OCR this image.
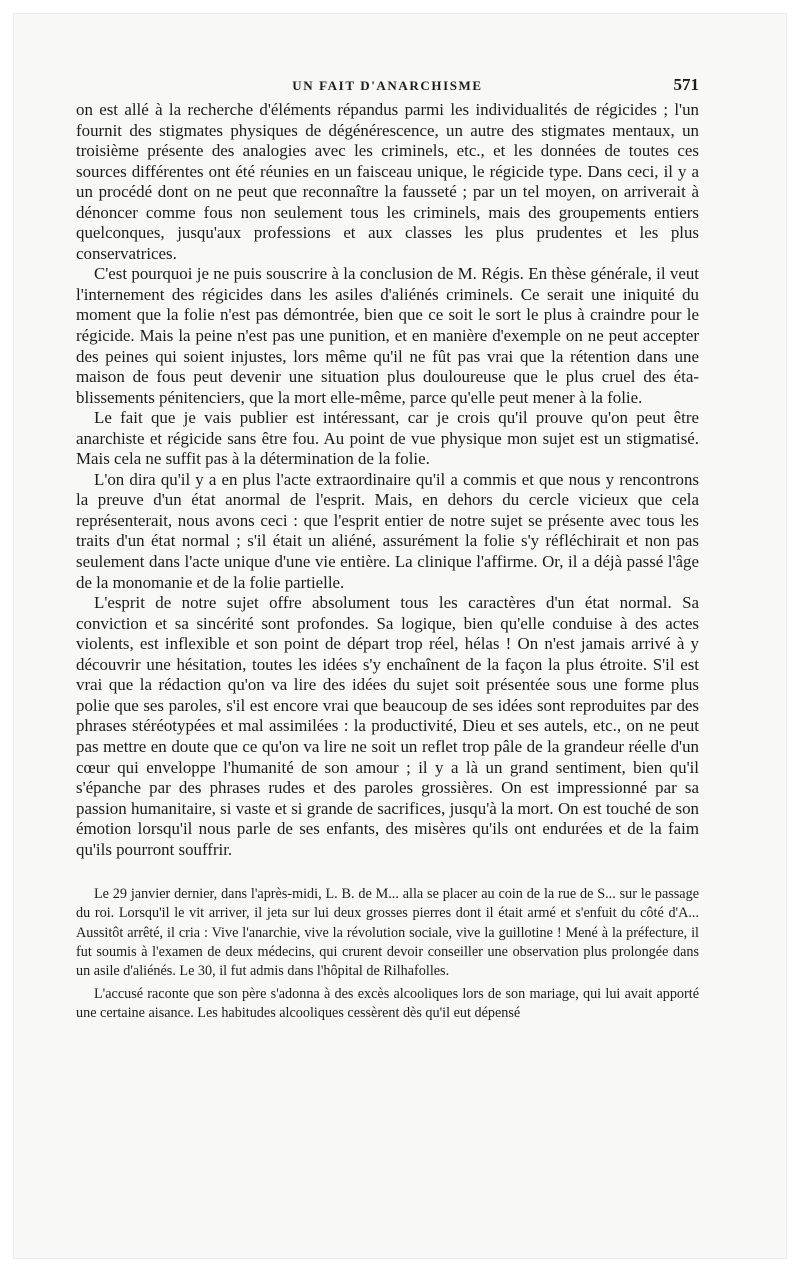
UN FAIT D'ANARCHISME	571

on est allé à la recherche d'éléments répandus parmi les individualités de régicides ; l'un fournit des stigmates physiques de dégénérescence, un autre des stigmates mentaux, un troisième présente des analogies avec les criminels, etc., et les données de toutes ces sources différentes ont été réunies en un faisceau unique, le régicide type. Dans ceci, il y a un procédé dont on ne peut que reconnaître la fausseté ; par un tel moyen, on arriverait à dénoncer comme fous non seulement tous les criminels, mais des groupements entiers quelconques, jusqu'aux professions et aux classes les plus prudentes et les plus conservatrices.

C'est pourquoi je ne puis souscrire à la conclusion de M. Régis. En thèse générale, il veut l'internement des régicides dans les asiles d'aliénés criminels. Ce serait une iniquité du moment que la folie n'est pas démontrée, bien que ce soit le sort le plus à craindre pour le régicide. Mais la peine n'est pas une punition, et en manière d'exemple on ne peut accepter des peines qui soient injustes, lors même qu'il ne fût pas vrai que la rétention dans une maison de fous peut devenir une situation plus douloureuse que le plus cruel des établissements pénitenciers, que la mort elle-même, parce qu'elle peut mener à la folie.

Le fait que je vais publier est intéressant, car je crois qu'il prouve qu'on peut être anarchiste et régicide sans être fou. Au point de vue physique mon sujet est un stigmatisé. Mais cela ne suffit pas à la détermination de la folie.

L'on dira qu'il y a en plus l'acte extraordinaire qu'il a commis et que nous y rencontrons la preuve d'un état anormal de l'esprit. Mais, en dehors du cercle vicieux que cela représenterait, nous avons ceci : que l'esprit entier de notre sujet se présente avec tous les traits d'un état normal ; s'il était un aliéné, assurément la folie s'y réfléchirait et non pas seulement dans l'acte unique d'une vie entière. La clinique l'affirme. Or, il a déjà passé l'âge de la monomanie et de la folie partielle.

L'esprit de notre sujet offre absolument tous les caractères d'un état normal. Sa conviction et sa sincérité sont profondes. Sa logique, bien qu'elle conduise à des actes violents, est inflexible et son point de départ trop réel, hélas ! On n'est jamais arrivé à y découvrir une hésitation, toutes les idées s'y enchaînent de la façon la plus étroite. S'il est vrai que la rédaction qu'on va lire des idées du sujet soit présentée sous une forme plus polie que ses paroles, s'il est encore vrai que beaucoup de ses idées sont reproduites par des phrases stéréotypées et mal assimilées : la productivité, Dieu et ses autels, etc., on ne peut pas mettre en doute que ce qu'on va lire ne soit un reflet trop pâle de la grandeur réelle d'un cœur qui enveloppe l'humanité de son amour ; il y a là un grand sentiment, bien qu'il s'épanche par des phrases rudes et des paroles grossières. On est impressionné par sa passion humanitaire, si vaste et si grande de sacrifices, jusqu'à la mort. On est touché de son émotion lorsqu'il nous parle de ses enfants, des misères qu'ils ont endurées et de la faim qu'ils pourront souffrir.

Le 29 janvier dernier, dans l'après-midi, L. B. de M... alla se placer au coin de la rue de S... sur le passage du roi. Lorsqu'il le vit arriver, il jeta sur lui deux grosses pierres dont il était armé et s'enfuit du côté d'A... Aussitôt arrêté, il cria : Vive l'anarchie, vive la révolution sociale, vive la guillotine ! Mené à la préfecture, il fut soumis à l'examen de deux médecins, qui crurent devoir conseiller une observation plus prolongée dans un asile d'aliénés. Le 30, il fut admis dans l'hôpital de Rilhafolles.

L'accusé raconte que son père s'adonna à des excès alcooliques lors de son mariage, qui lui avait apporté une certaine aisance. Les habitudes alcooliques cessèrent dès qu'il eut dépensé
